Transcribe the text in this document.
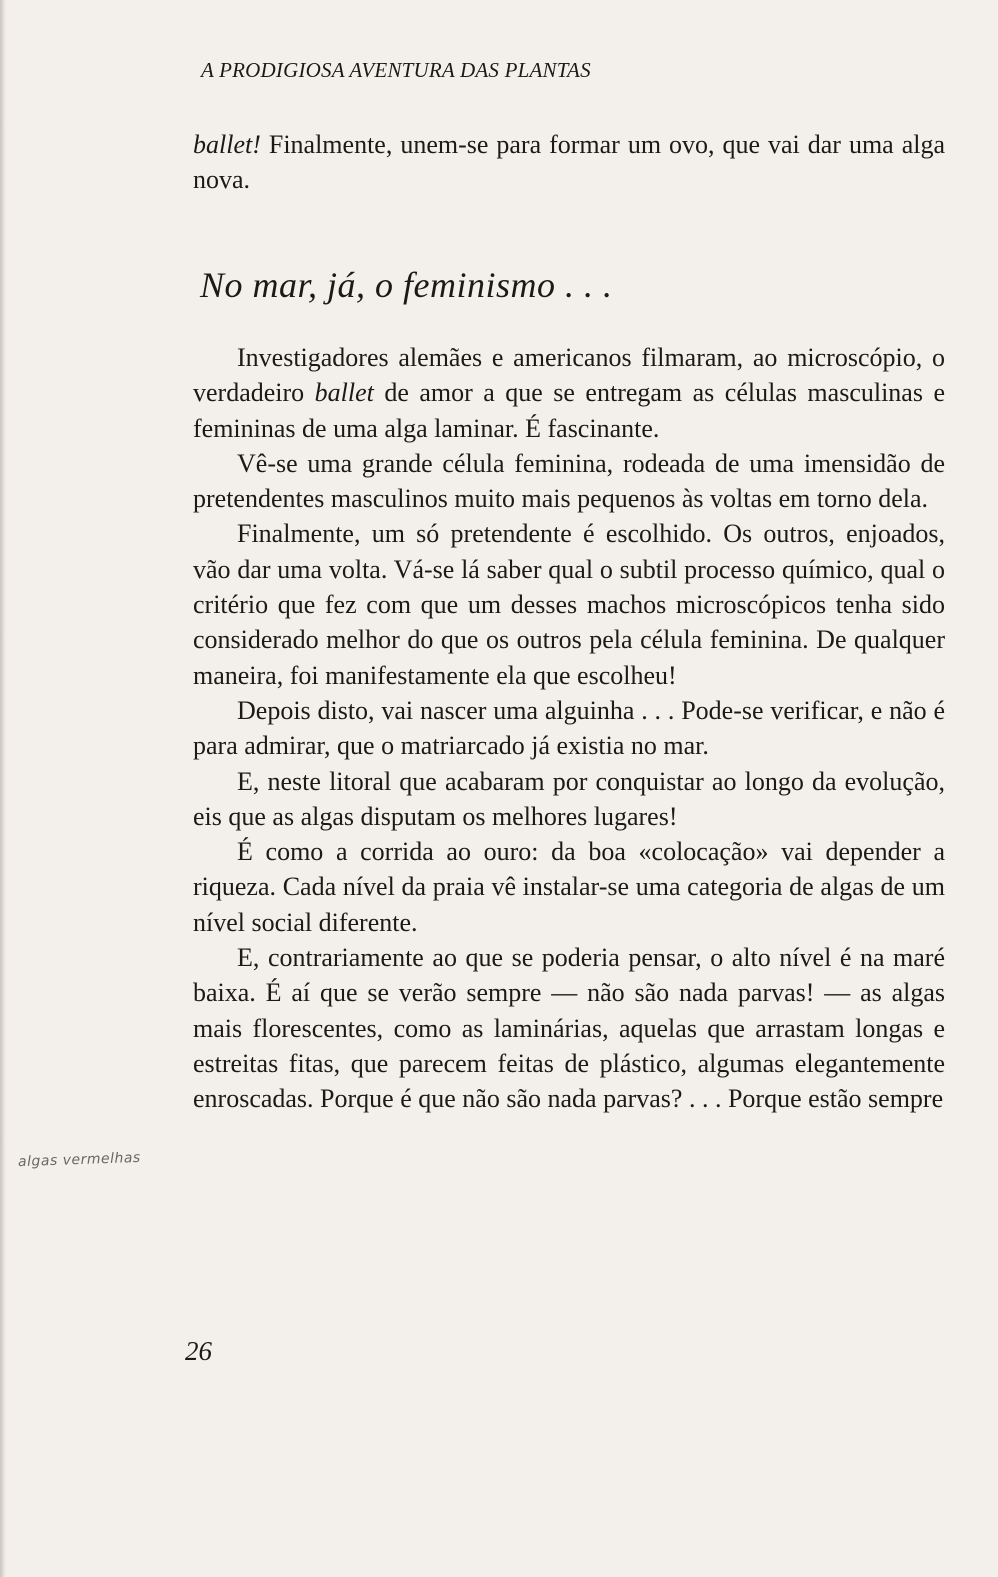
A PRODIGIOSA AVENTURA DAS PLANTAS

ballet! Finalmente, unem-se para formar um ovo, que vai dar uma alga nova.

No mar, já, o feminismo . . .

Investigadores alemães e americanos filmaram, ao microscópio, o verdadeiro ballet de amor a que se entregam as células masculinas e femininas de uma alga laminar. É fascinante.

Vê-se uma grande célula feminina, rodeada de uma imensidão de pretendentes masculinos muito mais pequenos às voltas em torno dela.

Finalmente, um só pretendente é escolhido. Os outros, enjoados, vão dar uma volta. Vá-se lá saber qual o subtil processo químico, qual o critério que fez com que um desses machos microscópicos tenha sido considerado melhor do que os outros pela célula feminina. De qualquer maneira, foi manifestamente ela que escolheu!

Depois disto, vai nascer uma alguinha . . . Pode-se verificar, e não é para admirar, que o matriarcado já existia no mar.

E, neste litoral que acabaram por conquistar ao longo da evolução, eis que as algas disputam os melhores lugares!

É como a corrida ao ouro: da boa «colocação» vai depender a riqueza. Cada nível da praia vê instalar-se uma categoria de algas de um nível social diferente.

E, contrariamente ao que se poderia pensar, o alto nível é na maré baixa. É aí que se verão sempre — não são nada parvas! — as algas mais florescentes, como as laminárias, aquelas que arrastam longas e estreitas fitas, que parecem feitas de plástico, algumas elegantemente enroscadas. Porque é que não são nada parvas? . . . Porque estão sempre

algas vermelhas
26
